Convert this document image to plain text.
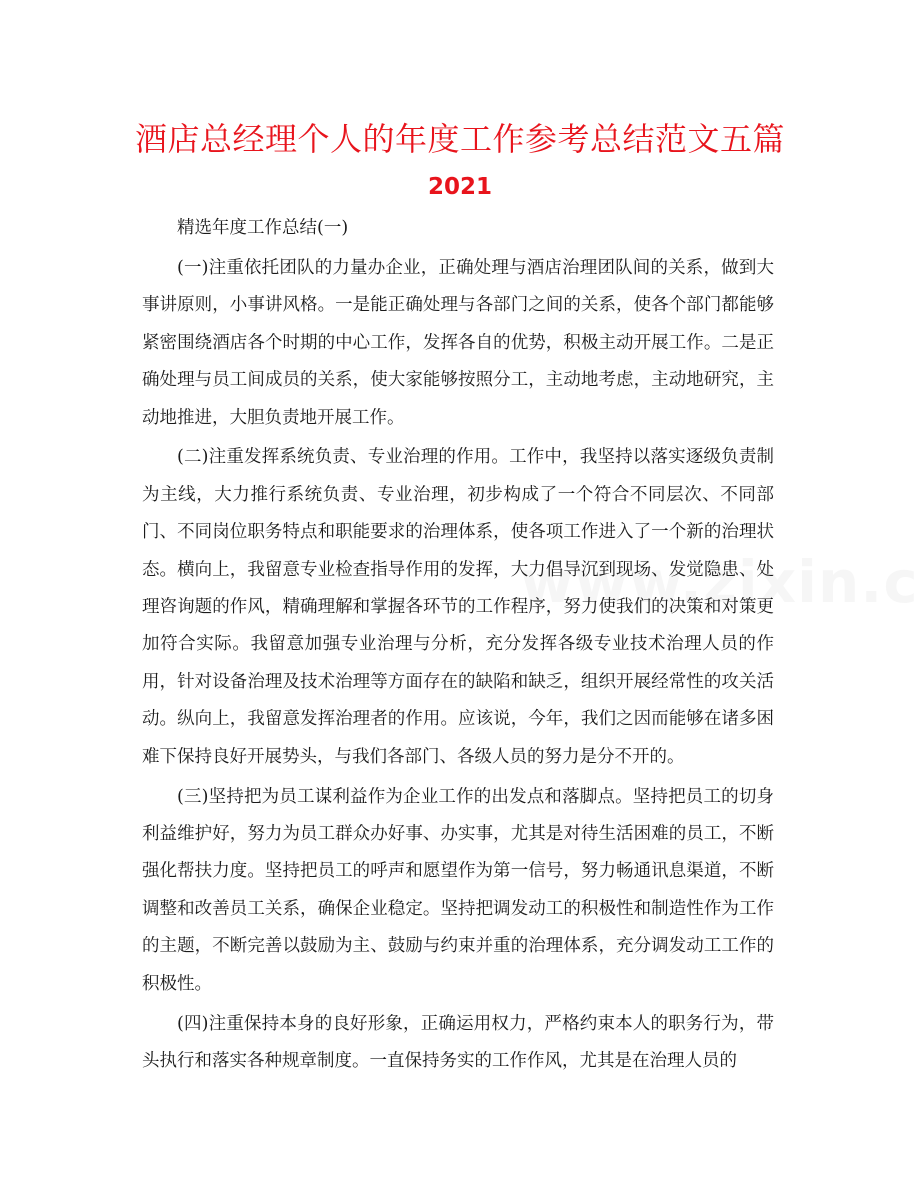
酒店总经理个人的年度工作参考总结范文五篇
2021

精选年度工作总结(一)

(一)注重依托团队的力量办企业，正确处理与酒店治理团队间的关系，做到大事讲原则，小事讲风格。一是能正确处理与各部门之间的关系，使各个部门都能够紧密围绕酒店各个时期的中心工作，发挥各自的优势，积极主动开展工作。二是正确处理与员工间成员的关系，使大家能够按照分工，主动地考虑，主动地研究，主动地推进，大胆负责地开展工作。

(二)注重发挥系统负责、专业治理的作用。工作中，我坚持以落实逐级负责制为主线，大力推行系统负责、专业治理，初步构成了一个符合不同层次、不同部门、不同岗位职务特点和职能要求的治理体系，使各项工作进入了一个新的治理状态。横向上，我留意专业检查指导作用的发挥，大力倡导沉到现场、发觉隐患、处理咨询题的作风，精确理解和掌握各环节的工作程序，努力使我们的决策和对策更加符合实际。我留意加强专业治理与分析，充分发挥各级专业技术治理人员的作用，针对设备治理及技术治理等方面存在的缺陷和缺乏，组织开展经常性的攻关活动。纵向上，我留意发挥治理者的作用。应该说，今年，我们之因而能够在诸多困难下保持良好开展势头，与我们各部门、各级人员的努力是分不开的。

(三)坚持把为员工谋利益作为企业工作的出发点和落脚点。坚持把员工的切身利益维护好，努力为员工群众办好事、办实事，尤其是对待生活困难的员工，不断强化帮扶力度。坚持把员工的呼声和愿望作为第一信号，努力畅通讯息渠道，不断调整和改善员工关系，确保企业稳定。坚持把调发动工的积极性和制造性作为工作的主题，不断完善以鼓励为主、鼓励与约束并重的治理体系，充分调发动工工作的积极性。

(四)注重保持本身的良好形象，正确运用权力，严格约束本人的职务行为，带头执行和落实各种规章制度。一直保持务实的工作作风，尤其是在治理人员的
